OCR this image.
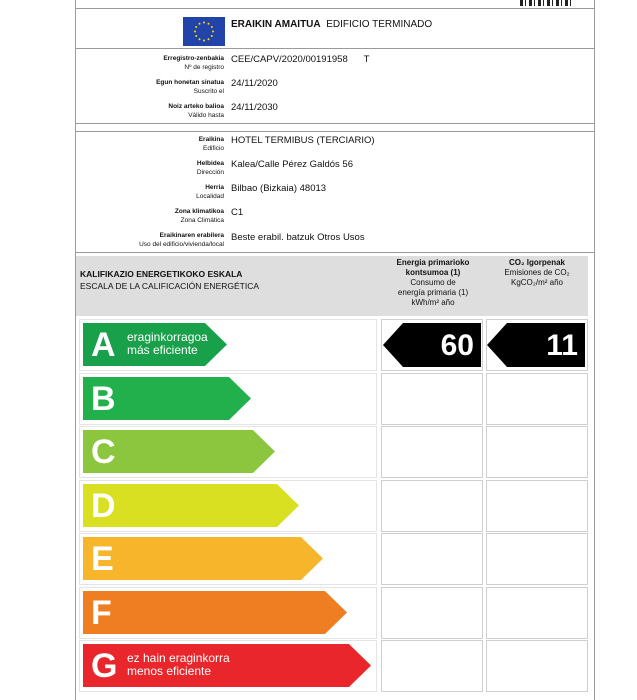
ERAIKIN AMAITUA EDIFICIO TERMINADO
Erregistro-zenbakia
Nº de registro
CEE/CAPV/2020/00191958 T
Egun honetan sinatua
Suscrito el
24/11/2020
Noiz arteko balioa
Válido hasta
24/11/2030
Eraikina
Edificio
HOTEL TERMIBUS (TERCIARIO)
Helbidea
Dirección
Kalea/Calle Pérez Galdós 56
Herria
Localidad
Bilbao (Bizkaia) 48013
Zona klimatikoa
Zona Climática
C1
Eraikinaren erabilera
Uso del edificio/vivienda/local
Beste erabil. batzuk Otros Usos
KALIFIKAZIO ENERGETIKOKO ESKALA
ESCALA DE LA CALIFICACIÓN ENERGÉTICA
Energia primarioko
kontsumoa (1)
Consumo de
energía primaria (1)
kWh/m² año
CO₂ Igorpenak
Emisiones de CO₂
KgCO₂/m² año
A eraginkorragoa
más eficiente	60 11
B
C
D
E
F
G ez hain eraginkorra
menos eficiente
